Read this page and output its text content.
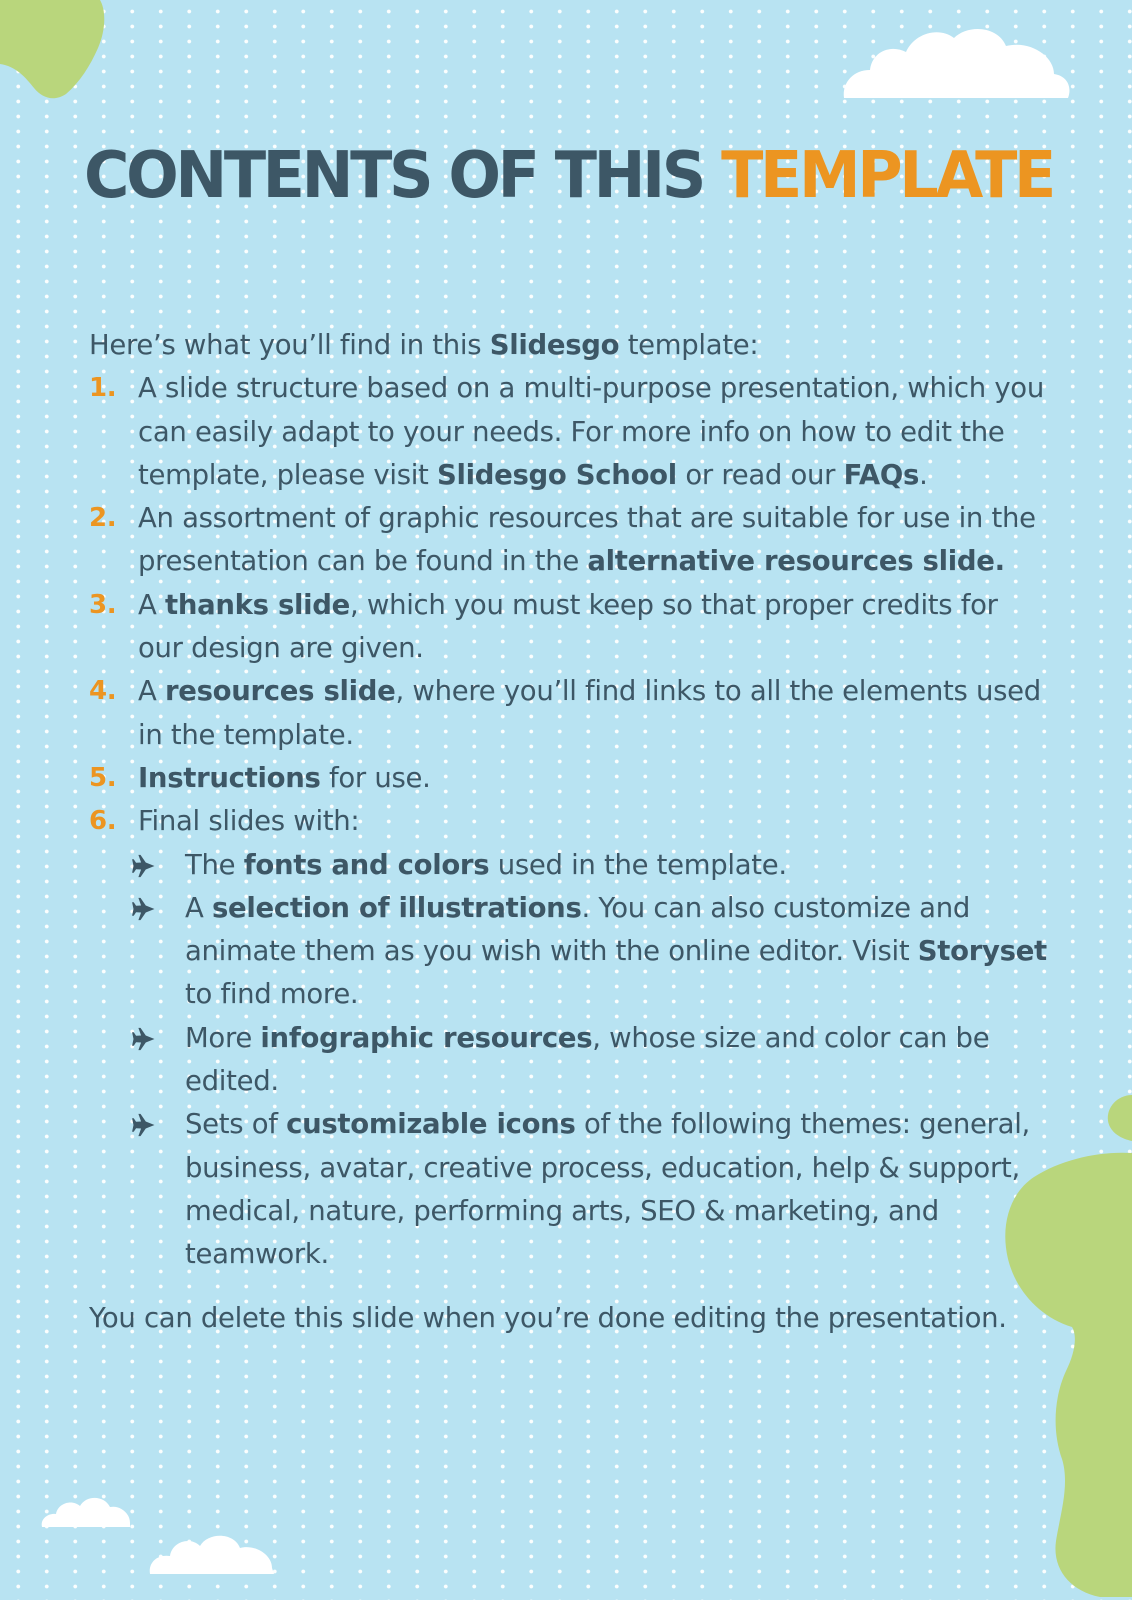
CONTENTS OF THIS TEMPLATE

Here’s what you’ll find in this Slidesgo template:

1. A slide structure based on a multi-purpose presentation, which you can easily adapt to your needs. For more info on how to edit the template, please visit Slidesgo School or read our FAQs.
2. An assortment of graphic resources that are suitable for use in the presentation can be found in the alternative resources slide.
3. A thanks slide, which you must keep so that proper credits for our design are given.
4. A resources slide, where you’ll find links to all the elements used in the template.
5. Instructions for use.
6. Final slides with:
The fonts and colors used in the template.
A selection of illustrations. You can also customize and animate them as you wish with the online editor. Visit Storyset to find more.
More infographic resources, whose size and color can be edited.
Sets of customizable icons of the following themes: general, business, avatar, creative process, education, help & support, medical, nature, performing arts, SEO & marketing, and teamwork.

You can delete this slide when you’re done editing the presentation.
